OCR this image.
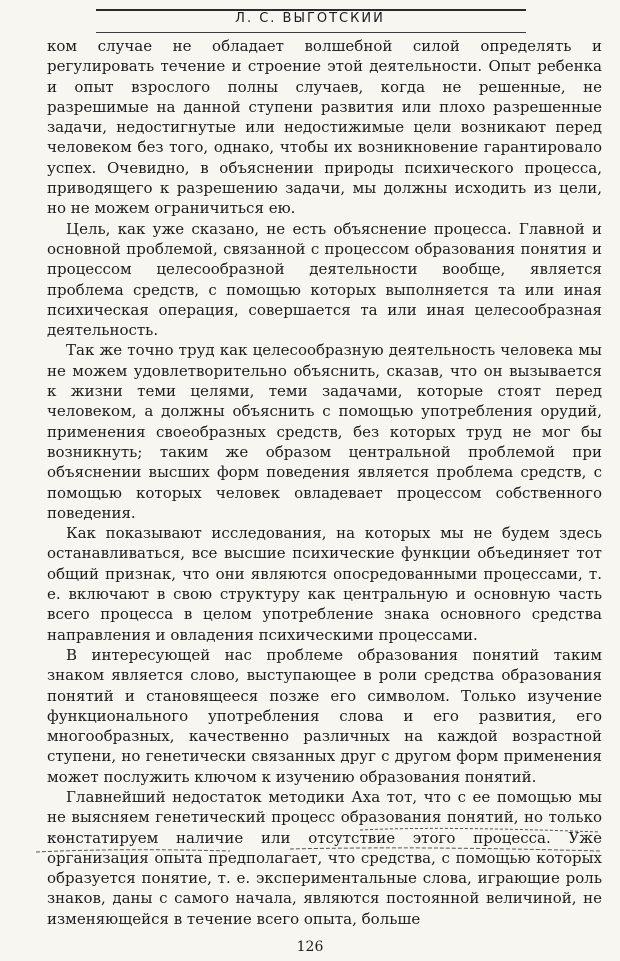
Л. С. ВЫГОТСКИЙ

ком случае не обладает волшебной силой определять и регулировать течение и строение этой деятельности. Опыт ребенка и опыт взрослого полны случаев, когда не решенные, не разрешимые на данной ступени развития или плохо разрешенные задачи, недостигнутые или недостижимые цели возникают перед человеком без того, однако, чтобы их возникновение гарантировало успех. Очевидно, в объяснении природы психического процесса, приводящего к разрешению задачи, мы должны исходить из цели, но не можем ограничиться ею.

Цель, как уже сказано, не есть объяснение процесса. Главной и основной проблемой, связанной с процессом образования понятия и процессом целесообразной деятельности вообще, является проблема средств, с помощью которых выполняется та или иная психическая операция, совершается та или иная целесообразная деятельность.

Так же точно труд как целесообразную деятельность человека мы не можем удовлетворительно объяснить, сказав, что он вызывается к жизни теми целями, теми задачами, которые стоят перед человеком, а должны объяснить с помощью употребления орудий, применения своеобразных средств, без которых труд не мог бы возникнуть; таким же образом центральной проблемой при объяснении высших форм поведения является проблема средств, с помощью которых человек овладевает процессом собственного поведения.

Как показывают исследования, на которых мы не будем здесь останавливаться, все высшие психические функции объединяет тот общий признак, что они являются опосредованными процессами, т. е. включают в свою структуру как центральную и основную часть всего процесса в целом употребление знака основного средства направления и овладения психическими процессами.

В интересующей нас проблеме образования понятий таким знаком является слово, выступающее в роли средства образования понятий и становящееся позже его символом. Только изучение функционального употребления слова и его развития, его многообразных, качественно различных на каждой возрастной ступени, но генетически связанных друг с другом форм применения может послужить ключом к изучению образования понятий.

Главнейший недостаток методики Аха тот, что с ее помощью мы не выясняем генетический процесс образования понятий, но только констатируем наличие или отсутствие этого процесса. Уже организация опыта предполагает, что средства, с помощью которых образуется понятие, т. е. экспериментальные слова, играющие роль знаков, даны с самого начала, являются постоянной величиной, не изменяющейся в течение всего опыта, больше

126
